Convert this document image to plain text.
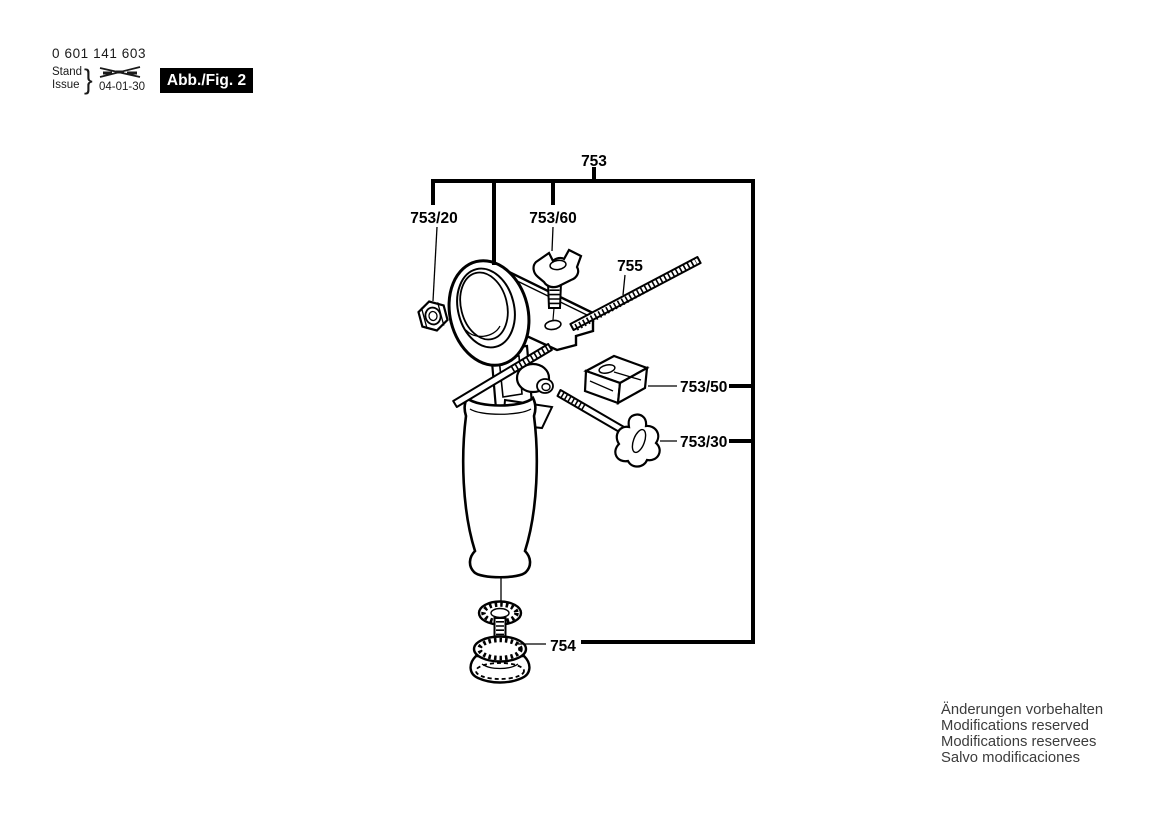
0 601 141 603
Stand
Issue } 04-01-30 Abb./Fig. 2
753
753/20	753/60
755
753/50
753/30
754
Änderungen vorbehalten
Modifications reserved
Modifications reservees
Salvo modificaciones
